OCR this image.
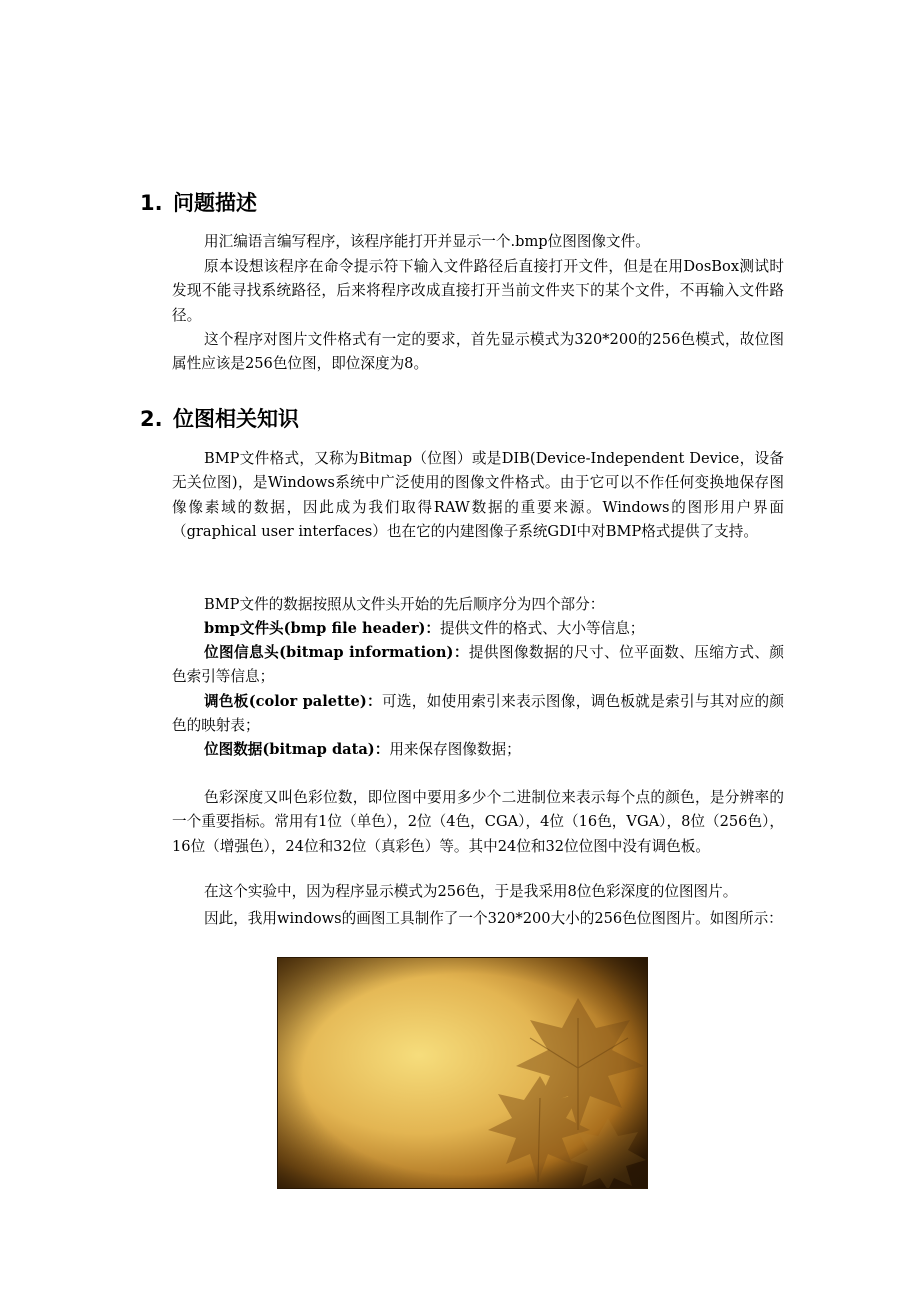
1. 问题描述

用汇编语言编写程序，该程序能打开并显示一个.bmp位图图像文件。

原本设想该程序在命令提示符下输入文件路径后直接打开文件，但是在用DosBox测试时发现不能寻找系统路径，后来将程序改成直接打开当前文件夹下的某个文件，不再输入文件路径。

这个程序对图片文件格式有一定的要求，首先显示模式为320*200的256色模式，故位图属性应该是256色位图，即位深度为8。

2. 位图相关知识

BMP文件格式，又称为Bitmap（位图）或是DIB(Device-Independent Device，设备无关位图)，是Windows系统中广泛使用的图像文件格式。由于它可以不作任何变换地保存图像像素域的数据，因此成为我们取得RAW数据的重要来源。Windows的图形用户界面（graphical user interfaces）也在它的内建图像子系统GDI中对BMP格式提供了支持。

BMP文件的数据按照从文件头开始的先后顺序分为四个部分：

bmp文件头(bmp file header)：提供文件的格式、大小等信息；

位图信息头(bitmap information)：提供图像数据的尺寸、位平面数、压缩方式、颜色索引等信息；

调色板(color palette)：可选，如使用索引来表示图像，调色板就是索引与其对应的颜色的映射表；

位图数据(bitmap data)：用来保存图像数据；

色彩深度又叫色彩位数，即位图中要用多少个二进制位来表示每个点的颜色，是分辨率的一个重要指标。常用有1位（单色），2位（4色，CGA），4位（16色，VGA），8位（256色），16位（增强色），24位和32位（真彩色）等。其中24位和32位位图中没有调色板。

在这个实验中，因为程序显示模式为256色，于是我采用8位色彩深度的位图图片。

因此，我用windows的画图工具制作了一个320*200大小的256色位图图片。如图所示：
